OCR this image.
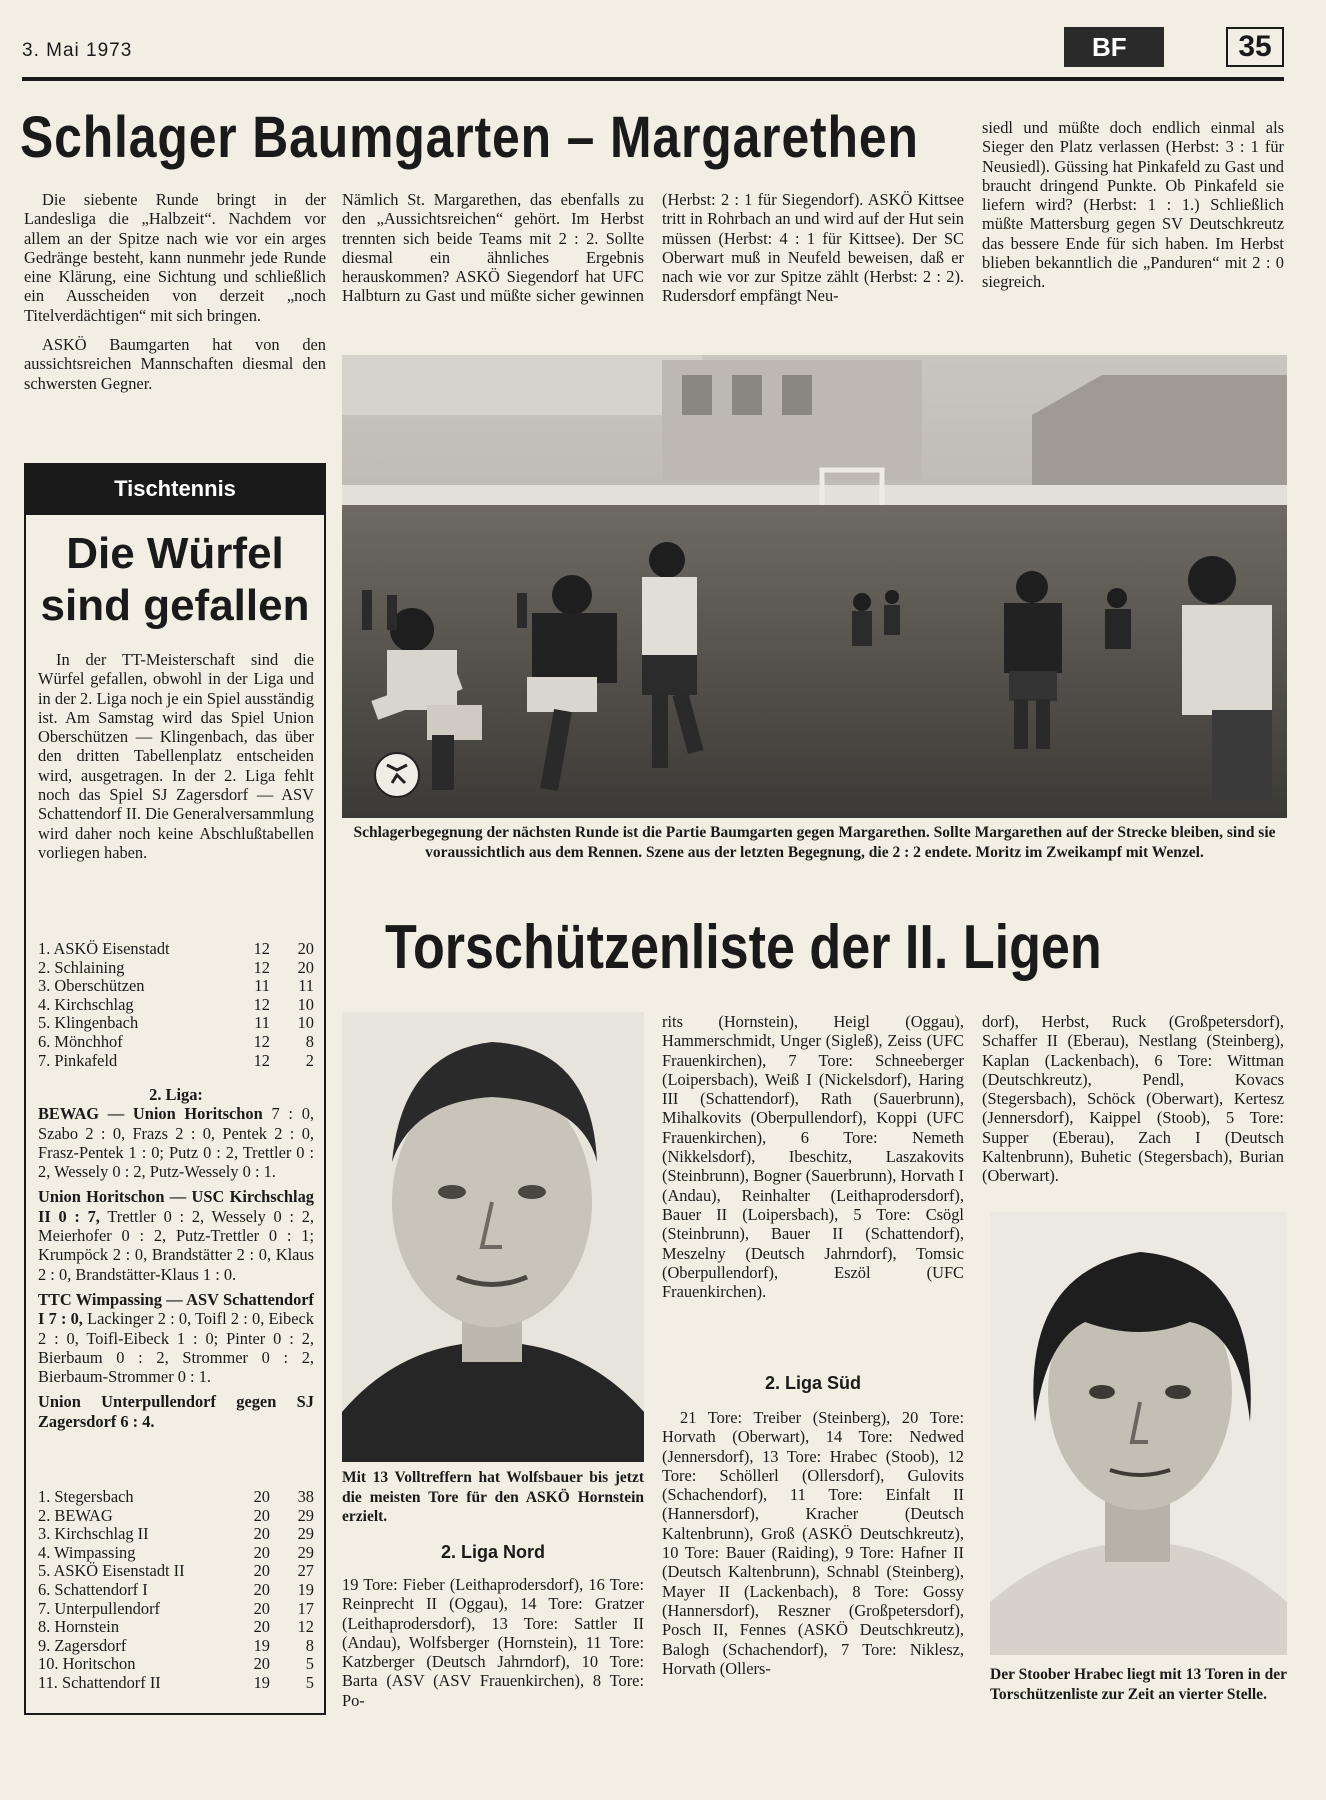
3. Mai 1973	BF	35
Schlager Baumgarten – Margarethen

Die siebente Runde bringt in der Landesliga die „Halbzeit“. Nachdem vor allem an der Spitze nach wie vor ein arges Gedränge besteht, kann nunmehr jede Runde eine Klärung, eine Sichtung und schließlich ein Ausscheiden von derzeit „noch Titelverdächtigen“ mit sich bringen.

ASKÖ Baumgarten hat von den aussichtsreichen Mannschaften diesmal den schwersten Gegner.

Nämlich St. Margarethen, das ebenfalls zu den „Aussichtsreichen“ gehört. Im Herbst trennten sich beide Teams mit 2 : 2. Sollte diesmal ein ähnliches Ergebnis herauskommen? ASKÖ Siegendorf hat UFC Halbturn zu Gast und müßte sicher gewinnen (Herbst: 2 : 1 für Siegendorf). ASKÖ Kittsee tritt in Rohrbach an und wird auf der Hut sein müssen (Herbst: 4 : 1 für Kittsee). Der SC Oberwart muß in Neufeld beweisen, daß er nach wie vor zur Spitze zählt (Herbst: 2 : 2). Rudersdorf empfängt Neu-

siedl und müßte doch endlich einmal als Sieger den Platz verlassen (Herbst: 3 : 1 für Neusiedl). Güssing hat Pinkafeld zu Gast und braucht dringend Punkte. Ob Pinkafeld sie liefern wird? (Herbst: 1 : 1.) Schließlich müßte Mattersburg gegen SV Deutschkreutz das bessere Ende für sich haben. Im Herbst blieben bekanntlich die „Panduren“ mit 2 : 0 siegreich.

Schlagerbegegnung der nächsten Runde ist die Partie Baumgarten gegen Margarethen. Sollte Margarethen auf der Strecke bleiben, sind sie voraussichtlich aus dem Rennen. Szene aus der letzten Begegnung, die 2 : 2 endete. Moritz im Zweikampf mit Wenzel.
Tischtennis
Die Würfel sind gefallen

In der TT-Meisterschaft sind die Würfel gefallen, obwohl in der Liga und in der 2. Liga noch je ein Spiel ausständig ist. Am Samstag wird das Spiel Union Oberschützen — Klingenbach, das über den dritten Tabellenplatz entscheiden wird, ausgetragen. In der 2. Liga fehlt noch das Spiel SJ Zagersdorf — ASV Schattendorf II. Die Generalversammlung wird daher noch keine Abschlußtabellen vorliegen haben.

1. ASKÖ Eisenstadt	12	20
2. Schlaining	12	20
3. Oberschützen	11	11
4. Kirchschlag	12	10
5. Klingenbach	11	10
6. Mönchhof	12	8
7. Pinkafeld	12	2

2. Liga:

BEWAG — Union Horitschon 7 : 0, Szabo 2 : 0, Frazs 2 : 0, Pentek 2 : 0, Frasz-Pentek 1 : 0; Putz 0 : 2, Trettler 0 : 2, Wessely 0 : 2, Putz-Wessely 0 : 1.

Union Horitschon — USC Kirchschlag II 0 : 7, Trettler 0 : 2, Wessely 0 : 2, Meierhofer 0 : 2, Putz-Trettler 0 : 1; Krumpöck 2 : 0, Brandstätter 2 : 0, Klaus 2 : 0, Brandstätter-Klaus 1 : 0.

TTC Wimpassing — ASV Schattendorf I 7 : 0, Lackinger 2 : 0, Toifl 2 : 0, Eibeck 2 : 0, Toifl-Eibeck 1 : 0; Pinter 0 : 2, Bierbaum 0 : 2, Strommer 0 : 2, Bierbaum-Strommer 0 : 1.

Union Unterpullendorf gegen SJ Zagersdorf 6 : 4.

1. Stegersbach	20	38
2. BEWAG	20	29
3. Kirchschlag II	20	29
4. Wimpassing	20	29
5. ASKÖ Eisenstadt II	20	27
6. Schattendorf I	20	19
7. Unterpullendorf	20	17
8. Hornstein	20	12
9. Zagersdorf	19	8
10. Horitschon	20	5
11. Schattendorf II	19	5
Torschützenliste der II. Ligen
Mit 13 Volltreffern hat Wolfsbauer bis jetzt die meisten Tore für den ASKÖ Hornstein erzielt.
2. Liga Nord

19 Tore: Fieber (Leithaprodersdorf), 16 Tore: Reinprecht II (Oggau), 14 Tore: Gratzer (Leithaprodersdorf), 13 Tore: Sattler II (Andau), Wolfsberger (Hornstein), 11 Tore: Katzberger (Deutsch Jahrndorf), 10 Tore: Barta (ASV (ASV Frauenkirchen), 8 Tore: Po-

rits (Hornstein), Heigl (Oggau), Hammerschmidt, Unger (Sigleß), Zeiss (UFC Frauenkirchen), 7 Tore: Schneeberger (Loipersbach), Weiß I (Nickelsdorf), Haring III (Schattendorf), Rath (Sauerbrunn), Mihalkovits (Oberpullendorf), Koppi (UFC Frauenkirchen), 6 Tore: Nemeth (Nikkelsdorf), Ibeschitz, Laszakovits (Steinbrunn), Bogner (Sauerbrunn), Horvath I (Andau), Reinhalter (Leithaprodersdorf), Bauer II (Loipersbach), 5 Tore: Csögl (Steinbrunn), Bauer II (Schattendorf), Meszelny (Deutsch Jahrndorf), Tomsic (Oberpullendorf), Eszöl (UFC Frauenkirchen).

2. Liga Süd

21 Tore: Treiber (Steinberg), 20 Tore: Horvath (Oberwart), 14 Tore: Nedwed (Jennersdorf), 13 Tore: Hrabec (Stoob), 12 Tore: Schöllerl (Ollersdorf), Gulovits (Schachendorf), 11 Tore: Einfalt II (Hannersdorf), Kracher (Deutsch Kaltenbrunn), Groß (ASKÖ Deutschkreutz), 10 Tore: Bauer (Raiding), 9 Tore: Hafner II (Deutsch Kaltenbrunn), Schnabl (Steinberg), Mayer II (Lackenbach), 8 Tore: Gossy (Hannersdorf), Reszner (Großpetersdorf), Posch II, Fennes (ASKÖ Deutschkreutz), Balogh (Schachendorf), 7 Tore: Niklesz, Horvath (Ollers-

dorf), Herbst, Ruck (Großpetersdorf), Schaffer II (Eberau), Nestlang (Steinberg), Kaplan (Lackenbach), 6 Tore: Wittman (Deutschkreutz), Pendl, Kovacs (Stegersbach), Schöck (Oberwart), Kertesz (Jennersdorf), Kaippel (Stoob), 5 Tore: Supper (Eberau), Zach I (Deutsch Kaltenbrunn), Buhetic (Stegersbach), Burian (Oberwart).

Der Stoober Hrabec liegt mit 13 Toren in der Torschützenliste zur Zeit an vierter Stelle.
